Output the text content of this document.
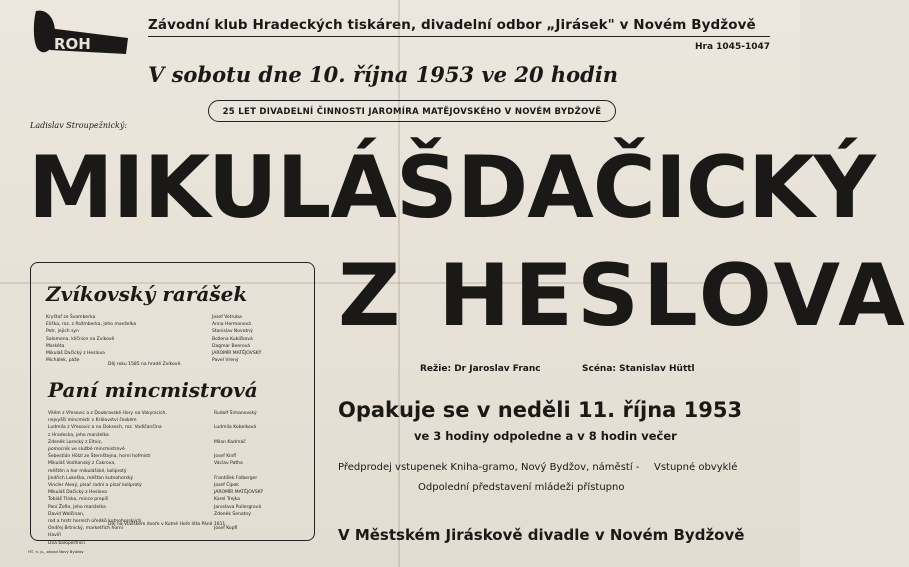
ROH
Závodní klub Hradeckých tiskáren, divadelní odbor „Jirásek" v Novém Bydžově
Hra 1045-1047
V sobotu dne 10. října 1953 ve 20 hodin
25 LET DIVADELNÍ ČINNOSTI JAROMÍRA MATĚJOVSKÉHO V NOVÉM BYDŽOVĚ
Ladislav Stroupežnický:
MIKULÁŠ DAČICKÝ
Z HESLOVA
Režie: Dr Jaroslav Franc	Scéna: Stanislav Hüttl
Opakuje se v neděli 11. října 1953
ve 3 hodiny odpoledne a v 8 hodin večer
Předprodej vstupenek Kniha-gramo, Nový Bydžov, náměstí - Vstupné obvyklé
Odpolední představení mládeži přístupno
V Městském Jiráskově divadle v Novém Bydžově
Zvíkovský rarášek
Kryštof ze Švamberka	Josef Votruba
Eliška, roz. z Rožmberka, jeho manželka	Anna Hermanová
Petr, jejich syn	Stanislav Novotný
Salomena, klíčnice na Zvíkově	Božena Kubíčková
Markéta	Dagmar Beerová
Mikuláš Dačický z Heslova	JAROMÍR MATĚJOVSKÝ
Michálek, páže	Pavel Vrený
Děj roku 1585 na hradě Zvíkově.
Paní mincmistrová
Vilém z Vřesovic a z Doubravské Hory na Vokynicích,	Rudolf Šimanovský
nejvyšší mincmistr v Království českém
Ludmila z Vřesovic a na Doksech, roz. Vodičančina	Ludmila Kobelková
z Hradecka, jeho manželka
Zdeněk Lorecký z Eltvic,	Milan Kadrnáč
pomocník ve službě mincmistrově
Šebestián Hölzl ze Šternštejna, horní hofmistr	Josef Kinfl
Mikuláš Vodňanský z Čakrova,	Václav Paťha
měštěn a hor mikulášské, koliprotý
Jindřich Lukeška, měšťan kutnohorský	František Folberger
Vincler Alexý, písař radní a písař koliprotý	Josef Čípek
Mikuláš Dačický z Heslova	JAROMÍR MATĚJOVSKÝ
Tobiáš Tlíska, mince prepiš	Karel Trejka
Paní Žofie, jeho manželka	Jaroslava Pullergrová
David Wolčinan,	Zdeněk Šenatný
rod a hrstr horních úředků kutnohorských
Ondřej Brtnický, marketřich horní	Josef Kopfl
Havíři
Dva balopertníci
Děj na Vlašském dvoře v Kutné Hoře léta Páně 1611.
HT, n. p., závod Nový Bydžov
